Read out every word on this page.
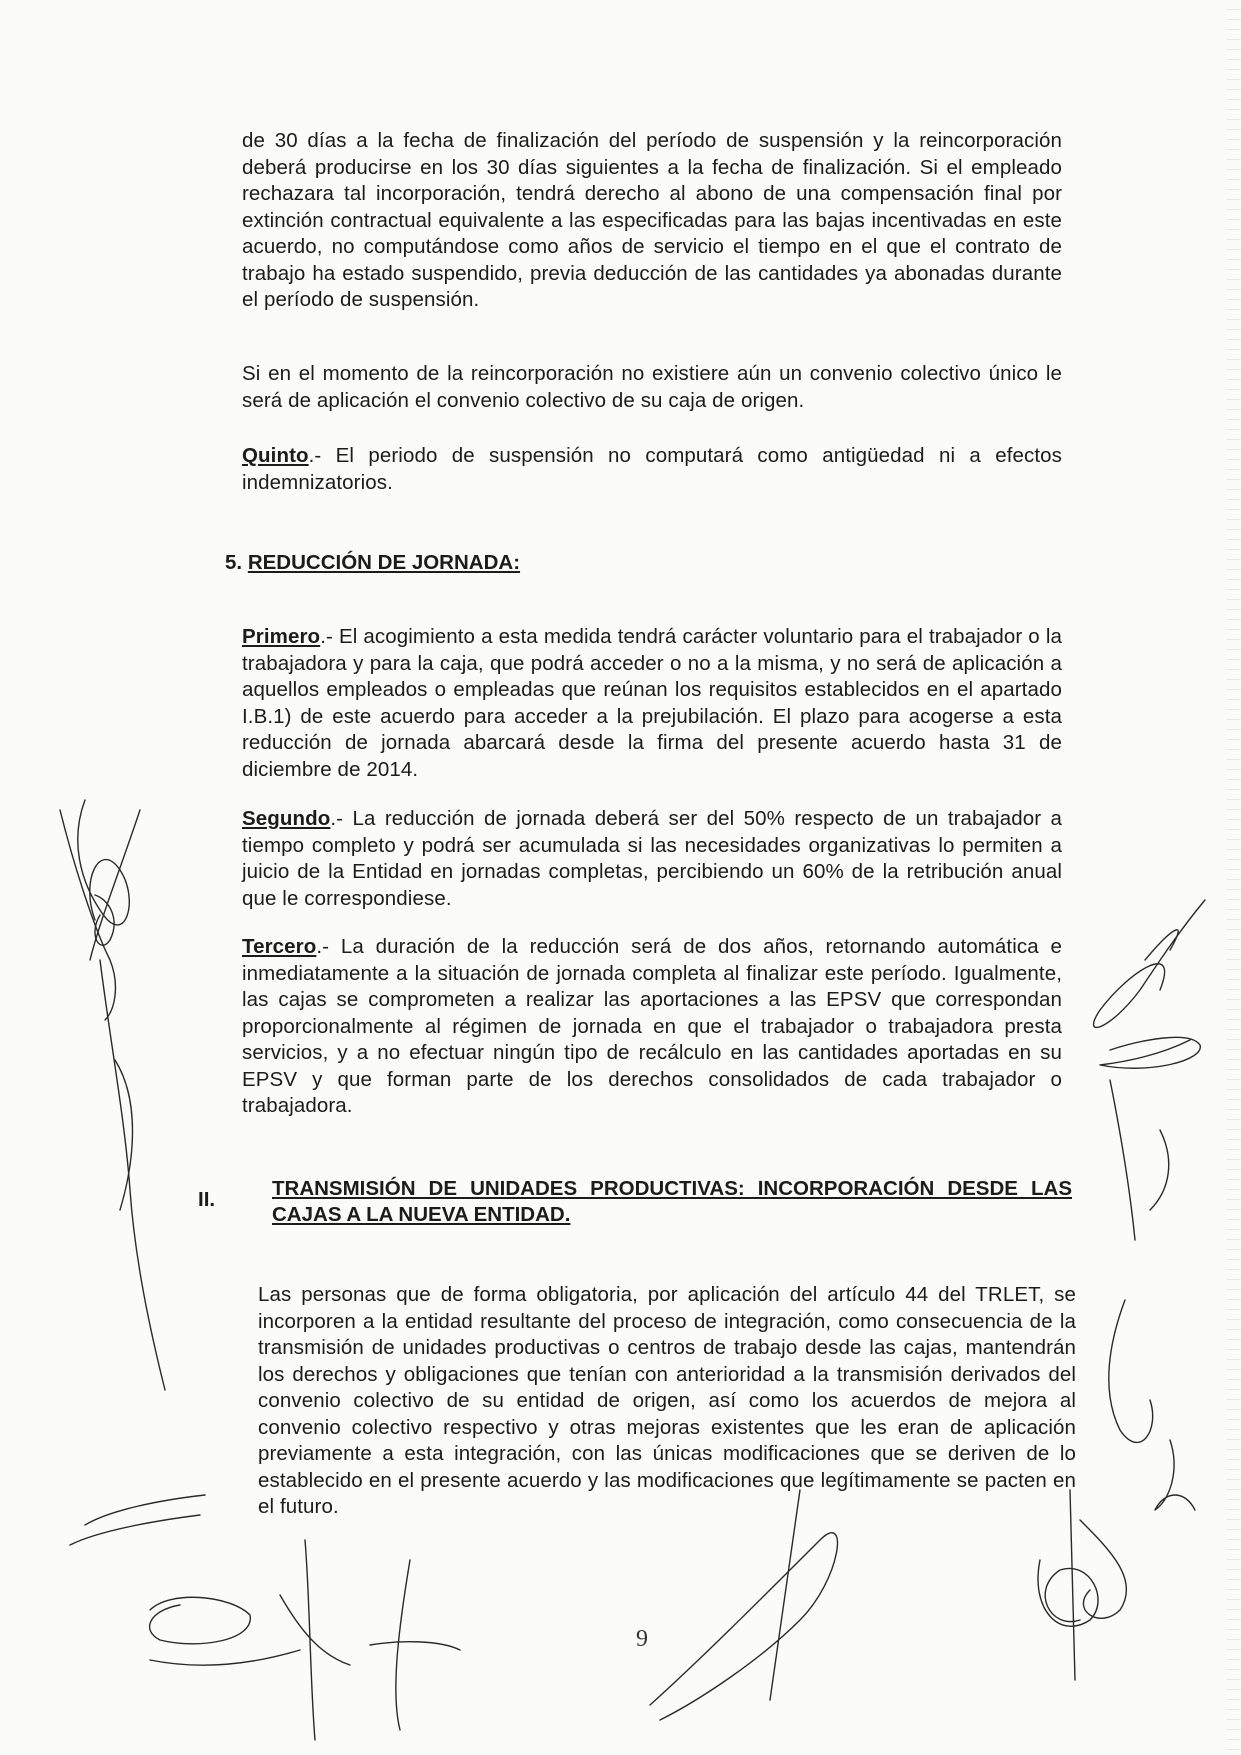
de 30 días a la fecha de finalización del período de suspensión y la reincorporación deberá producirse en los 30 días siguientes a la fecha de finalización. Si el empleado rechazara tal incorporación, tendrá derecho al abono de una compensación final por extinción contractual equivalente a las especificadas para las bajas incentivadas en este acuerdo, no computándose como años de servicio el tiempo en el que el contrato de trabajo ha estado suspendido, previa deducción de las cantidades ya abonadas durante el período de suspensión.

Si en el momento de la reincorporación no existiere aún un convenio colectivo único le será de aplicación el convenio colectivo de su caja de origen.

Quinto.- El periodo de suspensión no computará como antigüedad ni a efectos indemnizatorios.

5. REDUCCIÓN DE JORNADA:

Primero.- El acogimiento a esta medida tendrá carácter voluntario para el trabajador o la trabajadora y para la caja, que podrá acceder o no a la misma, y no será de aplicación a aquellos empleados o empleadas que reúnan los requisitos establecidos en el apartado I.B.1) de este acuerdo para acceder a la prejubilación. El plazo para acogerse a esta reducción de jornada abarcará desde la firma del presente acuerdo hasta 31 de diciembre de 2014.

Segundo.- La reducción de jornada deberá ser del 50% respecto de un trabajador a tiempo completo y podrá ser acumulada si las necesidades organizativas lo permiten a juicio de la Entidad en jornadas completas, percibiendo un 60% de la retribución anual que le correspondiese.

Tercero.- La duración de la reducción será de dos años, retornando automática e inmediatamente a la situación de jornada completa al finalizar este período. Igualmente, las cajas se comprometen a realizar las aportaciones a las EPSV que correspondan proporcionalmente al régimen de jornada en que el trabajador o trabajadora presta servicios, y a no efectuar ningún tipo de recálculo en las cantidades aportadas en su EPSV y que forman parte de los derechos consolidados de cada trabajador o trabajadora.

II.	TRANSMISIÓN DE UNIDADES PRODUCTIVAS: INCORPORACIÓN DESDE LAS CAJAS A LA NUEVA ENTIDAD.

Las personas que de forma obligatoria, por aplicación del artículo 44 del TRLET, se incorporen a la entidad resultante del proceso de integración, como consecuencia de la transmisión de unidades productivas o centros de trabajo desde las cajas, mantendrán los derechos y obligaciones que tenían con anterioridad a la transmisión derivados del convenio colectivo de su entidad de origen, así como los acuerdos de mejora al convenio colectivo respectivo y otras mejoras existentes que les eran de aplicación previamente a esta integración, con las únicas modificaciones que se deriven de lo establecido en el presente acuerdo y las modificaciones que legítimamente se pacten en el futuro.

9
